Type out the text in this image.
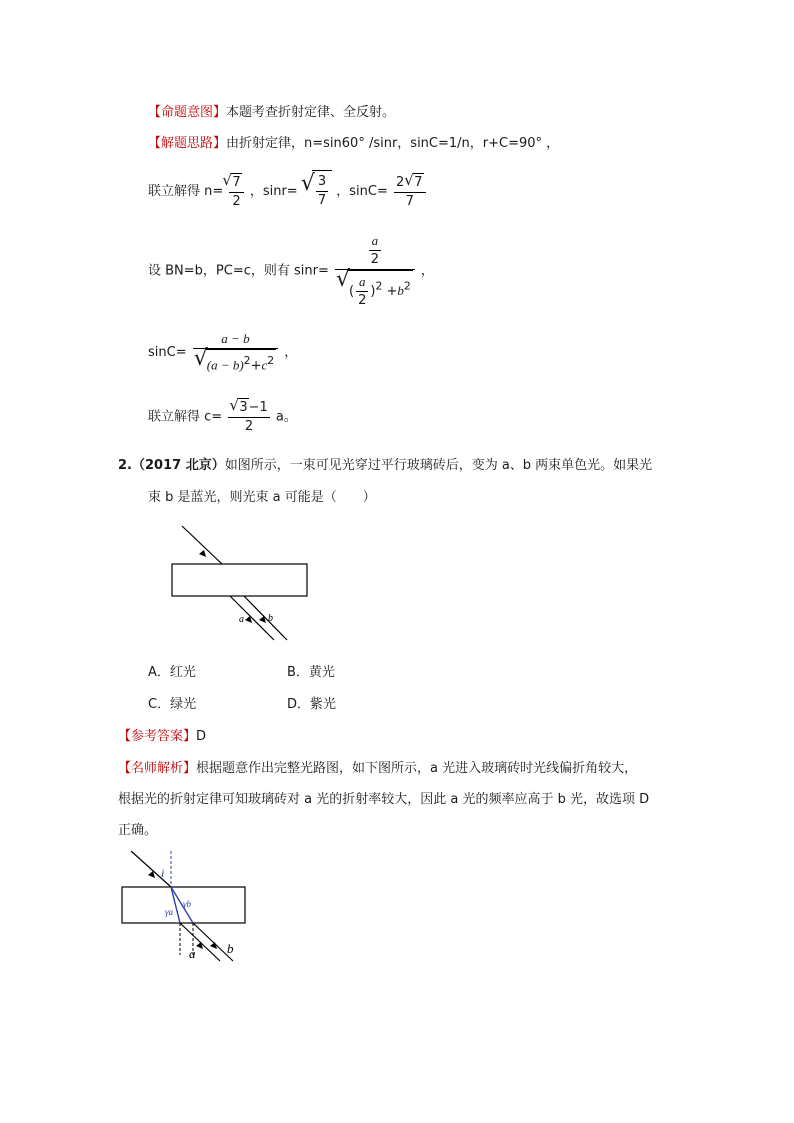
【命题意图】本题考查折射定律、全反射。
【解题思路】由折射定律，n=sin60° /sinr，sinC=1/n，r+C=90° ，
联立解得 n= √ $\frac{7}{2}$ ，sinr= √ $\frac{3}{7}$ ，$\sin C= \frac{2 √ 7}{7}$
设 BN=b，PC=c，则有 $\sin r= \frac{a}{2}$
√ ( $\frac{a}{2} )^2 +b^2$ ，
sinC= a − b
√ $(a - b)^2+c^2$ ，
联立解得 c= √ $\frac{3-1}{2}$ a。
2.（2017 北京）如图所示，一束可见光穿过平行玻璃砖后，变为 a、b 两束单色光。如果光
束 b 是蓝光，则光束 a 可能是（　　）
a b
A．红光	B．黄光
C．绿光	D．紫光
【参考答案】D
【名师解析】根据题意作出完整光路图，如下图所示，a 光进入玻璃砖时光线偏折角较大，
根据光的折射定律可知玻璃砖对 a 光的折射率较大，因此 a 光的频率应高于 b 光，故选项 D
正确。
i
γa
γb
a b
